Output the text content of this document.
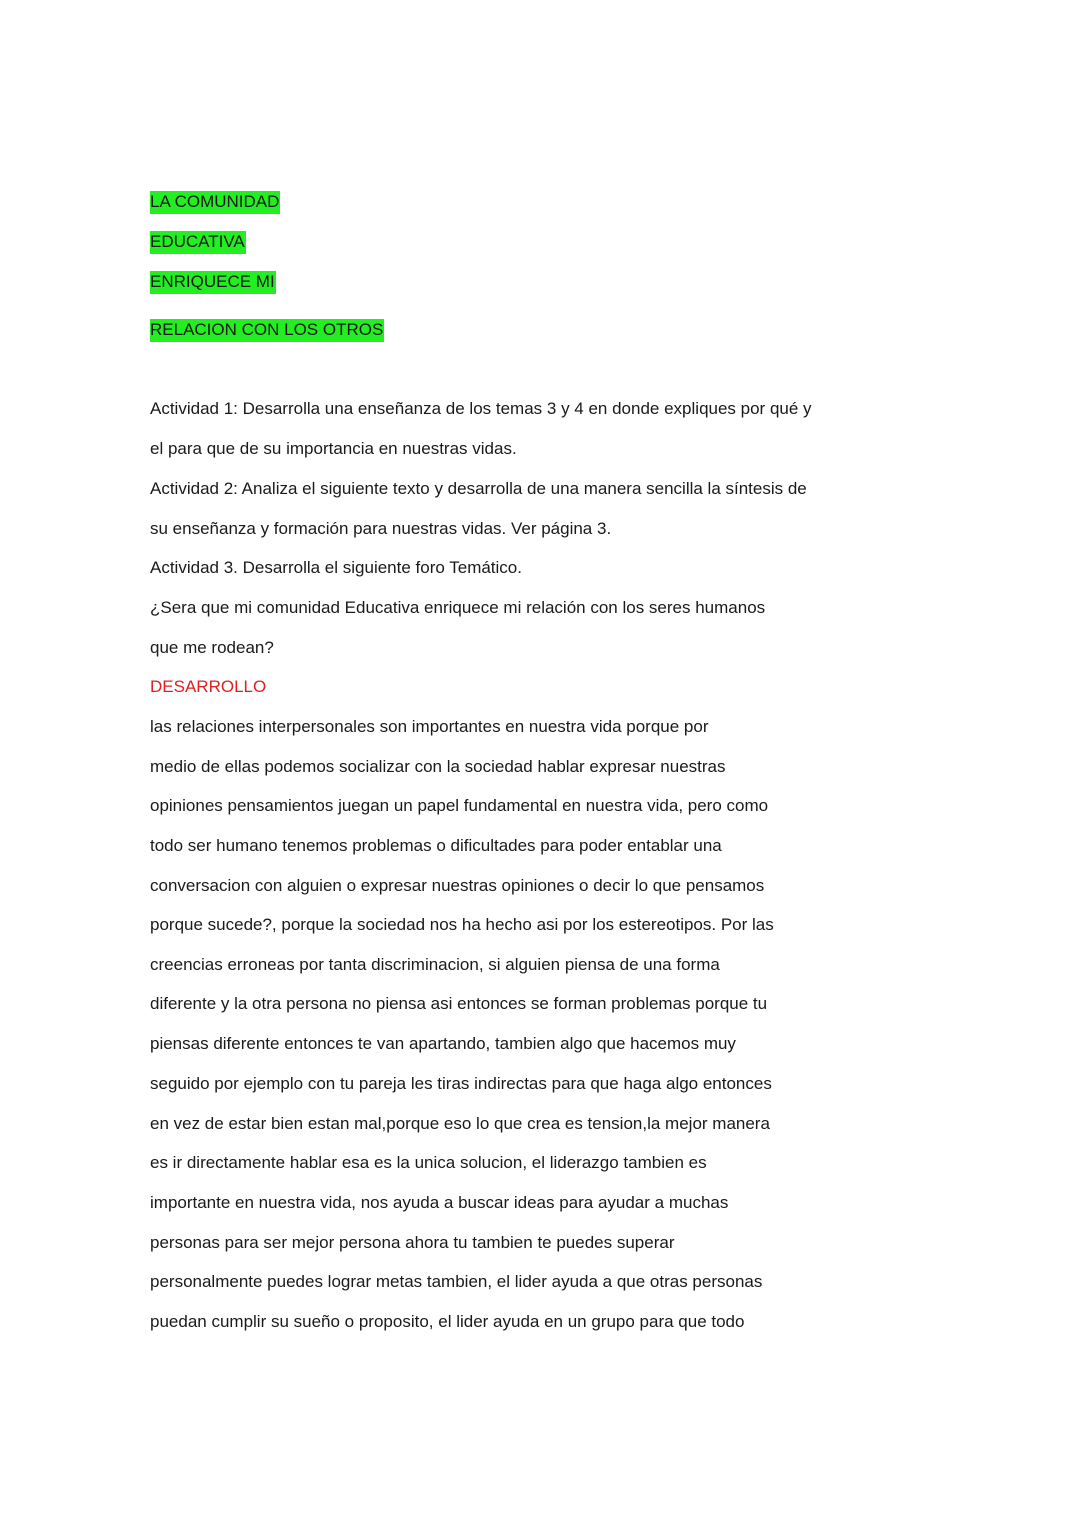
LA COMUNIDAD
EDUCATIVA
ENRIQUECE MI
RELACION CON LOS OTROS
Actividad 1: Desarrolla una enseñanza de los temas 3 y 4 en donde expliques por qué y
el para que de su importancia en nuestras vidas.
Actividad 2: Analiza el siguiente texto y desarrolla de una manera sencilla la síntesis de
su enseñanza y formación para nuestras vidas. Ver página 3.
Actividad 3. Desarrolla el siguiente foro Temático.
¿Sera que mi comunidad Educativa enriquece mi relación con los seres humanos
que me rodean?
DESARROLLO
las relaciones interpersonales son importantes en nuestra vida porque por
medio de ellas podemos socializar con la sociedad hablar expresar nuestras
opiniones pensamientos juegan un papel fundamental en nuestra vida, pero como
todo ser humano tenemos problemas o dificultades para poder entablar una
conversacion con alguien o expresar nuestras opiniones o decir lo que pensamos
porque sucede?, porque la sociedad nos ha hecho asi por los estereotipos. Por las
creencias erroneas por tanta discriminacion, si alguien piensa de una forma
diferente y la otra persona no piensa asi entonces se forman problemas porque tu
piensas diferente entonces te van apartando, tambien algo que hacemos muy
seguido por ejemplo con tu pareja les tiras indirectas para que haga algo entonces
en vez de estar bien estan mal,porque eso lo que crea es tension,la mejor manera
es ir directamente hablar esa es la unica solucion, el liderazgo tambien es
importante en nuestra vida, nos ayuda a buscar ideas para ayudar a muchas
personas para ser mejor persona ahora tu tambien te puedes superar
personalmente puedes lograr metas tambien, el lider ayuda a que otras personas
puedan cumplir su sueño o proposito, el lider ayuda en un grupo para que todo
